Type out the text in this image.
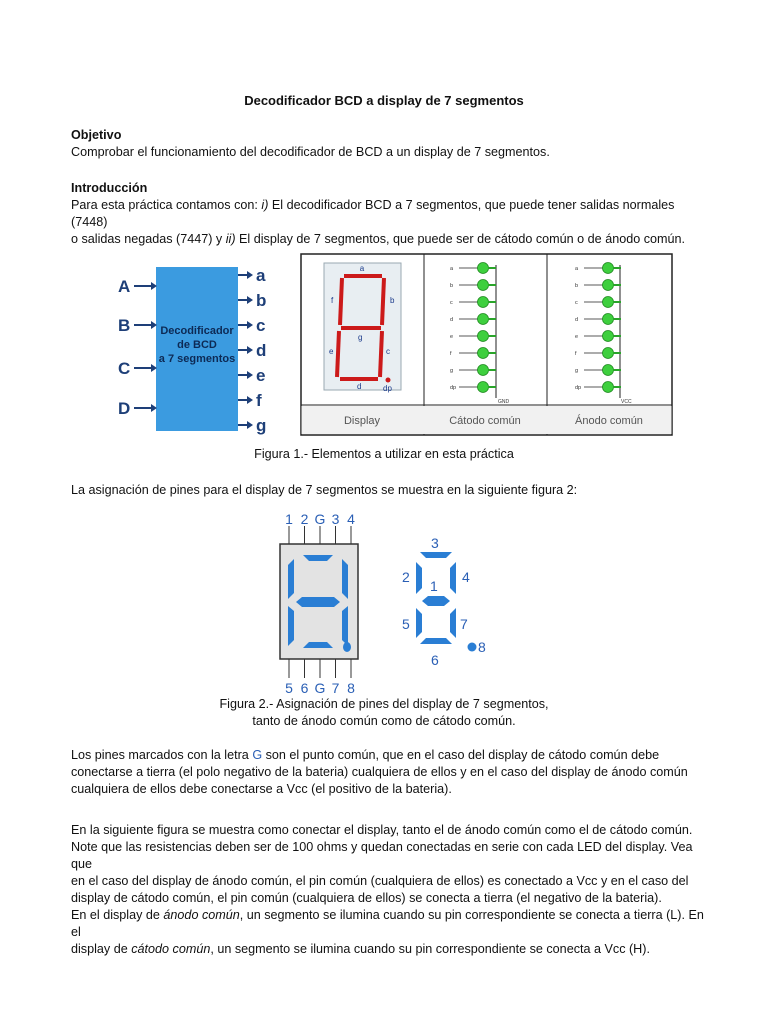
Decodificador BCD a display de 7 segmentos
Objetivo
Comprobar el funcionamiento del decodificador de BCD a un display de 7 segmentos.
Introducción
Para esta práctica contamos con: i) El decodificador BCD a 7 segmentos, que puede tener salidas normales (7448)
o salidas negadas (7447) y ii) El display de 7 segmentos, que puede ser de cátodo común o de ánodo común.
Decodificador
de BCD
a 7 segmentos
A
B
C
D
a
b
c
d
e
f
g	Display	Cátodo común	Ánodo común
a
b
c
d
e
f
g
dp
a
b
c
d
e
f
g
dp
a
b
c
d
e
f
g
dp
GND	VCC
Figura 1.- Elementos a utilizar en esta práctica
La asignación de pines para el display de 7 segmentos se muestra en la siguiente figura 2:
1 2 G 3 4
5 6 G 7 8
3
2	4
1
5	7
6
8
Figura 2.- Asignación de pines del display de 7 segmentos,
tanto de ánodo común como de cátodo común.
Los pines marcados con la letra G son el punto común, que en el caso del display de cátodo común debe
conectarse a tierra (el polo negativo de la bateria) cualquiera de ellos y en el caso del display de ánodo común
cualquiera de ellos debe conectarse a Vcc (el positivo de la bateria).
En la siguiente figura se muestra como conectar el display, tanto el de ánodo común como el de cátodo común.
Note que las resistencias deben ser de 100 ohms y quedan conectadas en serie con cada LED del display. Vea que
en el caso del display de ánodo común, el pin común (cualquiera de ellos) es conectado a Vcc y en el caso del
display de cátodo común, el pin común (cualquiera de ellos) se conecta a tierra (el negativo de la bateria).
En el display de ánodo común, un segmento se ilumina cuando su pin correspondiente se conecta a tierra (L). En el
display de cátodo común, un segmento se ilumina cuando su pin correspondiente se conecta a Vcc (H).
